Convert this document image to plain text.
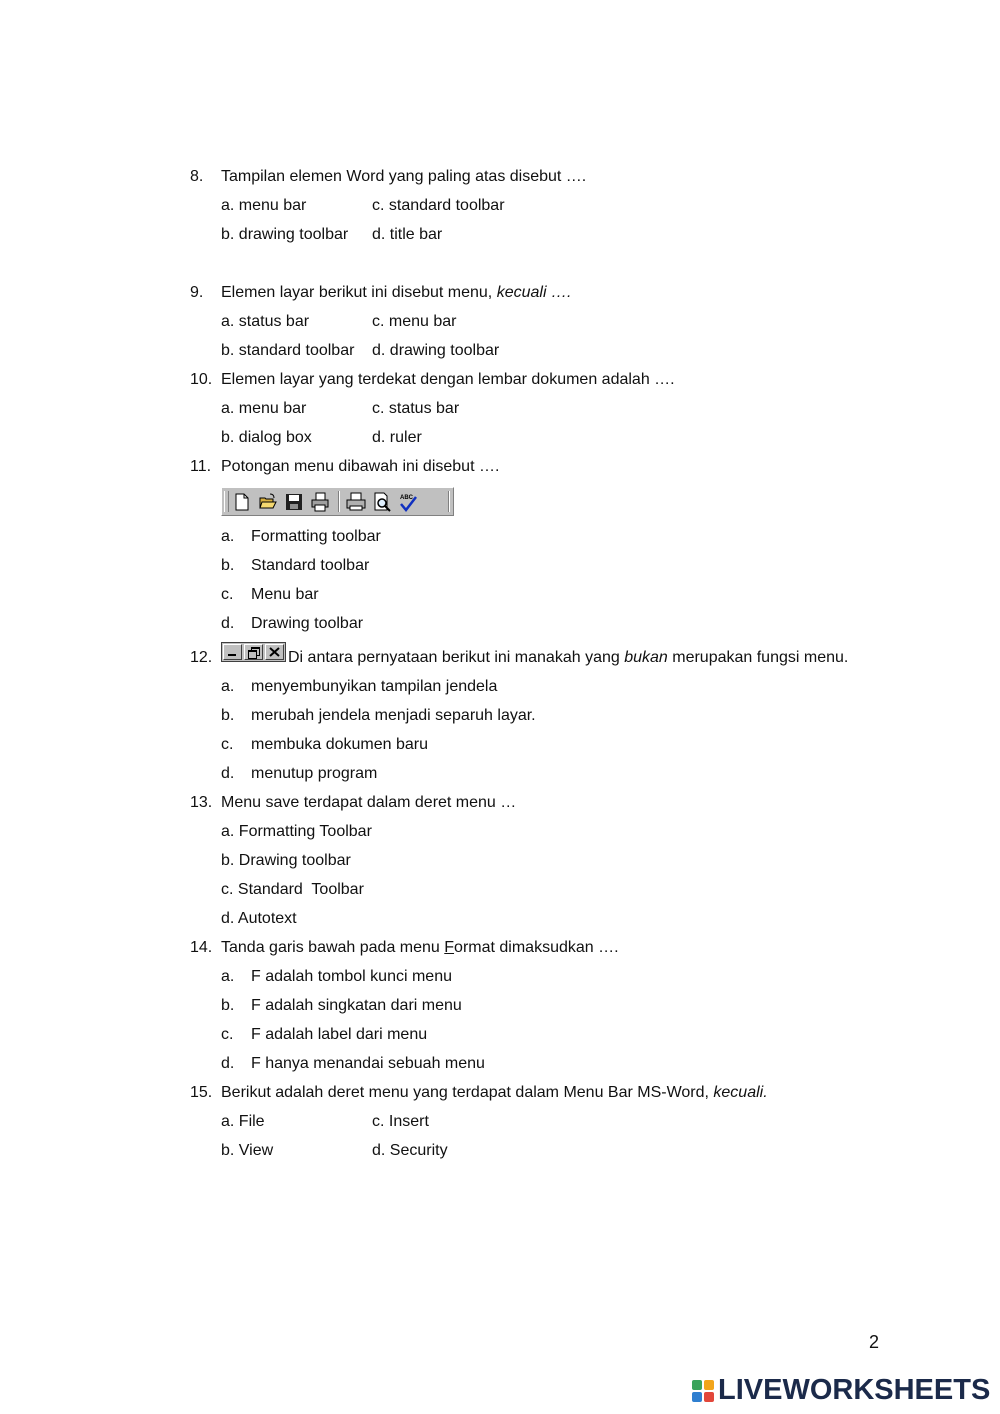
8. Tampilan elemen Word yang paling atas disebut ….
a. menu bar	c. standard toolbar
b. drawing toolbar d. title bar
9. Elemen layar berikut ini disebut menu, kecuali ….
a. status bar	c. menu bar
b. standard toolbar d. drawing toolbar
10. Elemen layar yang terdekat dengan lembar dokumen adalah ….
a. menu bar	c. status bar
b. dialog box	d. ruler
11. Potongan menu dibawah ini disebut ….
ABC
a. Formatting toolbar
b. Standard toolbar
c. Menu bar
d. Drawing toolbar
12.	Di antara pernyataan berikut ini manakah yang bukan merupakan fungsi menu.
a. menyembunyikan tampilan jendela
b. merubah jendela menjadi separuh layar.
c. membuka dokumen baru
d. menutup program
13. Menu save terdapat dalam deret menu …
a. Formatting Toolbar
b. Drawing toolbar
c. Standard  Toolbar
d. Autotext
14. Tanda garis bawah pada menu Format dimaksudkan ….
a. F adalah tombol kunci menu
b. F adalah singkatan dari menu
c. F adalah label dari menu
d. F hanya menandai sebuah menu
15. Berikut adalah deret menu yang terdapat dalam Menu Bar MS-Word, kecuali.
a. File	c. Insert
b. View	d. Security
2
LIVEWORKSHEETS
